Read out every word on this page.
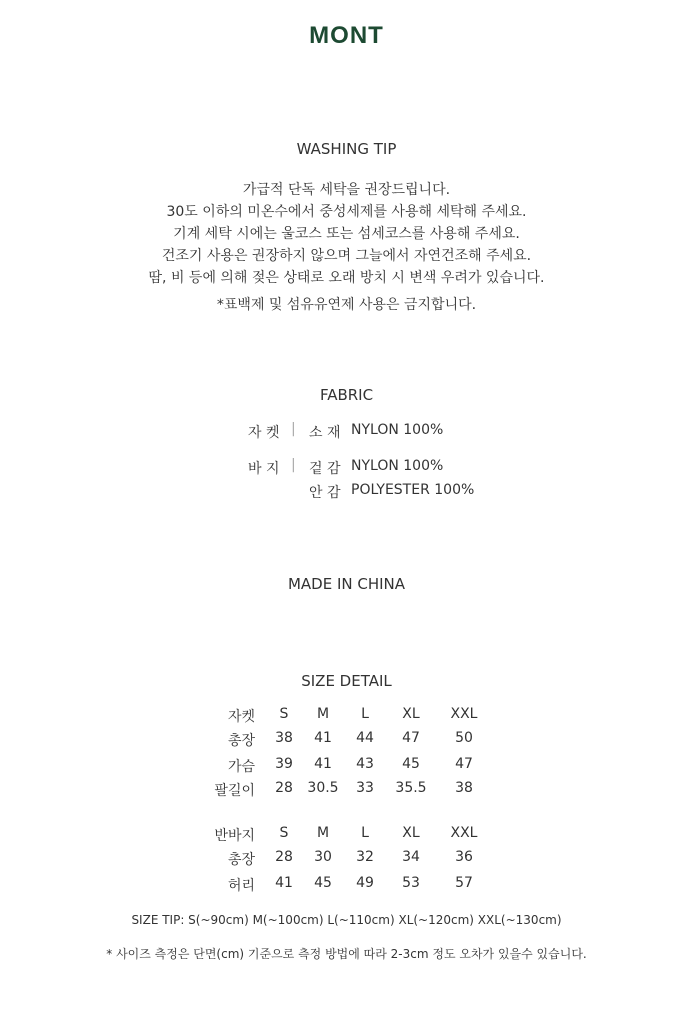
MONT
WASHING TIP
가급적 단독 세탁을 권장드립니다.
30도 이하의 미온수에서 중성세제를 사용해 세탁해 주세요.
기계 세탁 시에는 울코스 또는 섬세코스를 사용해 주세요.
건조기 사용은 권장하지 않으며 그늘에서 자연건조해 주세요.
땀, 비 등에 의해 젖은 상태로 오래 방치 시 변색 우려가 있습니다.
*표백제 및 섬유유연제 사용은 금지합니다.
FABRIC
자 켓 | 소 재 NYLON 100%
바 지 | 겉 감 NYLON 100%
안 감 POLYESTER 100%
MADE IN CHINA
SIZE DETAIL
자켓	S	M	L	XL	XXL
총장	38	41	44	47	50
가슴	39	41	43	45	47
팔길이	28	30.5	33	35.5	38
반바지	S	M	L	XL	XXL
총장	28	30	32	34	36
허리	41	45	49	53	57
SIZE TIP: S(~90cm) M(~100cm) L(~110cm) XL(~120cm) XXL(~130cm)
* 사이즈 측정은 단면(cm) 기준으로 측정 방법에 따라 2-3cm 정도 오차가 있을수 있습니다.
